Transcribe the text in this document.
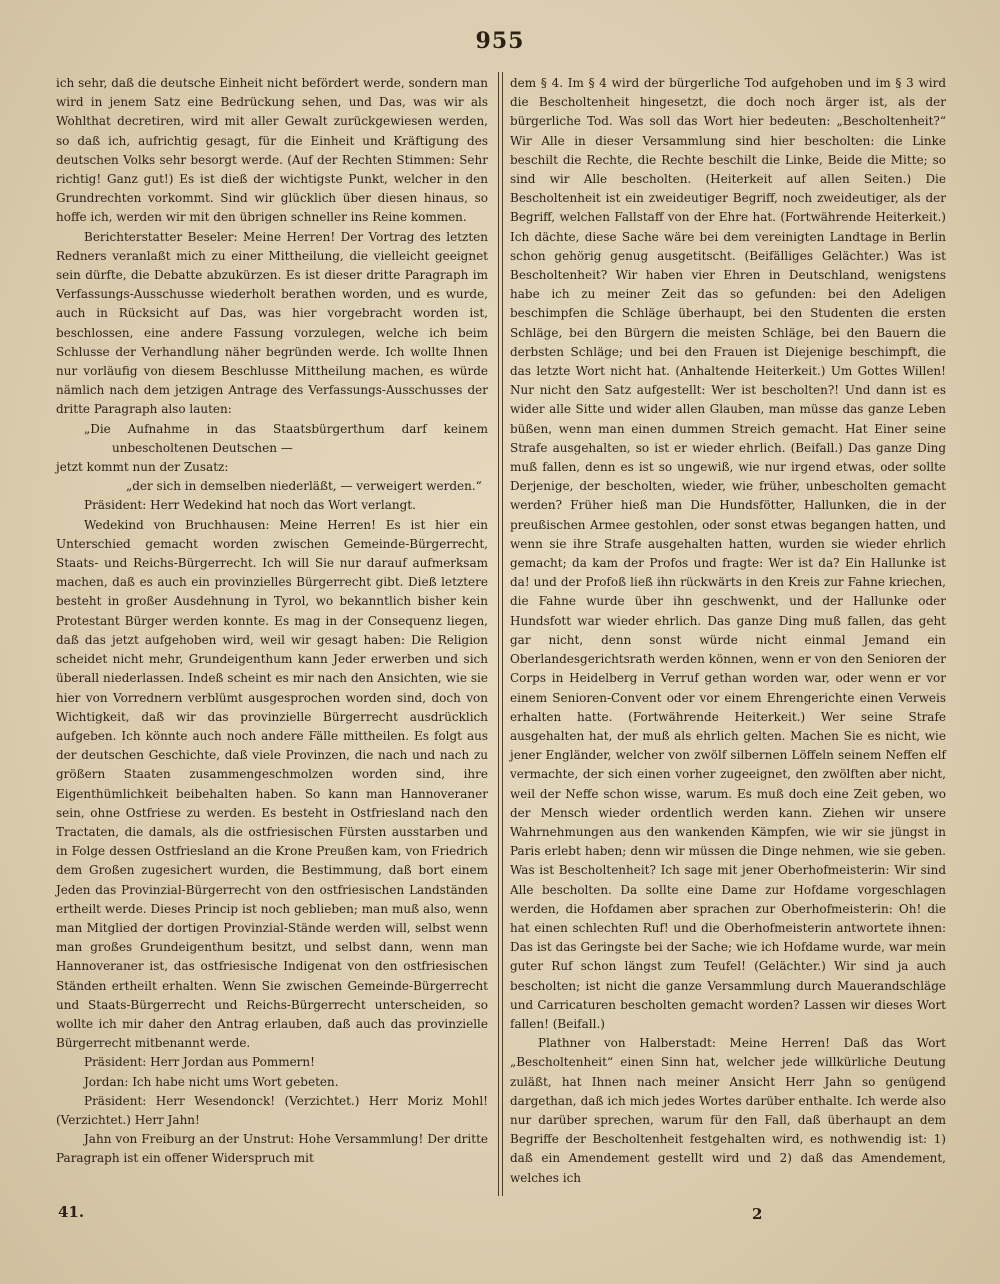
955

ich sehr, daß die deutsche Einheit nicht befördert werde, sondern man wird in jenem Satz eine Bedrückung sehen, und Das, was wir als Wohlthat decretiren, wird mit aller Gewalt zurückgewiesen werden, so daß ich, aufrichtig gesagt, für die Einheit und Kräftigung des deutschen Volks sehr besorgt werde. (Auf der Rechten Stimmen: Sehr richtig! Ganz gut!) Es ist dieß der wichtigste Punkt, welcher in den Grundrechten vorkommt. Sind wir glücklich über diesen hinaus, so hoffe ich, werden wir mit den übrigen schneller ins Reine kommen.

Berichterstatter Beseler: Meine Herren! Der Vortrag des letzten Redners veranlaßt mich zu einer Mittheilung, die vielleicht geeignet sein dürfte, die Debatte abzukürzen. Es ist dieser dritte Paragraph im Verfassungs-Ausschusse wiederholt berathen worden, und es wurde, auch in Rücksicht auf Das, was hier vorgebracht worden ist, beschlossen, eine andere Fassung vorzulegen, welche ich beim Schlusse der Verhandlung näher begründen werde. Ich wollte Ihnen nur vorläufig von diesem Beschlusse Mittheilung machen, es würde nämlich nach dem jetzigen Antrage des Verfassungs-Ausschusses der dritte Paragraph also lauten:

„Die Aufnahme in das Staatsbürgerthum darf keinem unbescholtenen Deutschen —

jetzt kommt nun der Zusatz:

„der sich in demselben niederläßt, — verweigert werden.“

Präsident: Herr Wedekind hat noch das Wort verlangt.

Wedekind von Bruchhausen: Meine Herren! Es ist hier ein Unterschied gemacht worden zwischen Gemeinde-Bürgerrecht, Staats- und Reichs-Bürgerrecht. Ich will Sie nur darauf aufmerksam machen, daß es auch ein provinzielles Bürgerrecht gibt. Dieß letztere besteht in großer Ausdehnung in Tyrol, wo bekanntlich bisher kein Protestant Bürger werden konnte. Es mag in der Consequenz liegen, daß das jetzt aufgehoben wird, weil wir gesagt haben: Die Religion scheidet nicht mehr, Grundeigenthum kann Jeder erwerben und sich überall niederlassen. Indeß scheint es mir nach den Ansichten, wie sie hier von Vorrednern verblümt ausgesprochen worden sind, doch von Wichtigkeit, daß wir das provinzielle Bürgerrecht ausdrücklich aufgeben. Ich könnte auch noch andere Fälle mittheilen. Es folgt aus der deutschen Geschichte, daß viele Provinzen, die nach und nach zu größern Staaten zusammengeschmolzen worden sind, ihre Eigenthümlichkeit beibehalten haben. So kann man Hannoveraner sein, ohne Ostfriese zu werden. Es besteht in Ostfriesland nach den Tractaten, die damals, als die ostfriesischen Fürsten ausstarben und in Folge dessen Ostfriesland an die Krone Preußen kam, von Friedrich dem Großen zugesichert wurden, die Bestimmung, daß bort einem Jeden das Provinzial-Bürgerrecht von den ostfriesischen Landständen ertheilt werde. Dieses Princip ist noch geblieben; man muß also, wenn man Mitglied der dortigen Provinzial-Stände werden will, selbst wenn man großes Grundeigenthum besitzt, und selbst dann, wenn man Hannoveraner ist, das ostfriesische Indigenat von den ostfriesischen Ständen ertheilt erhalten. Wenn Sie zwischen Gemeinde-Bürgerrecht und Staats-Bürgerrecht und Reichs-Bürgerrecht unterscheiden, so wollte ich mir daher den Antrag erlauben, daß auch das provinzielle Bürgerrecht mitbenannt werde.

Präsident: Herr Jordan aus Pommern!

Jordan: Ich habe nicht ums Wort gebeten.

Präsident: Herr Wesendonck! (Verzichtet.) Herr Moriz Mohl! (Verzichtet.) Herr Jahn!

Jahn von Freiburg an der Unstrut: Hohe Versammlung! Der dritte Paragraph ist ein offener Widerspruch mit

dem § 4. Im § 4 wird der bürgerliche Tod aufgehoben und im § 3 wird die Bescholtenheit hingesetzt, die doch noch ärger ist, als der bürgerliche Tod. Was soll das Wort hier bedeuten: „Bescholtenheit?“ Wir Alle in dieser Versammlung sind hier bescholten: die Linke beschilt die Rechte, die Rechte beschilt die Linke, Beide die Mitte; so sind wir Alle bescholten. (Heiterkeit auf allen Seiten.) Die Bescholtenheit ist ein zweideutiger Begriff, noch zweideutiger, als der Begriff, welchen Fallstaff von der Ehre hat. (Fortwährende Heiterkeit.) Ich dächte, diese Sache wäre bei dem vereinigten Landtage in Berlin schon gehörig genug ausgetitscht. (Beifälliges Gelächter.) Was ist Bescholtenheit? Wir haben vier Ehren in Deutschland, wenigstens habe ich zu meiner Zeit das so gefunden: bei den Adeligen beschimpfen die Schläge überhaupt, bei den Studenten die ersten Schläge, bei den Bürgern die meisten Schläge, bei den Bauern die derbsten Schläge; und bei den Frauen ist Diejenige beschimpft, die das letzte Wort nicht hat. (Anhaltende Heiterkeit.) Um Gottes Willen! Nur nicht den Satz aufgestellt: Wer ist bescholten?! Und dann ist es wider alle Sitte und wider allen Glauben, man müsse das ganze Leben büßen, wenn man einen dummen Streich gemacht. Hat Einer seine Strafe ausgehalten, so ist er wieder ehrlich. (Beifall.) Das ganze Ding muß fallen, denn es ist so ungewiß, wie nur irgend etwas, oder sollte Derjenige, der bescholten, wieder, wie früher, unbescholten gemacht werden? Früher hieß man Die Hundsfötter, Hallunken, die in der preußischen Armee gestohlen, oder sonst etwas begangen hatten, und wenn sie ihre Strafe ausgehalten hatten, wurden sie wieder ehrlich gemacht; da kam der Profos und fragte: Wer ist da? Ein Hallunke ist da! und der Profoß ließ ihn rückwärts in den Kreis zur Fahne kriechen, die Fahne wurde über ihn geschwenkt, und der Hallunke oder Hundsfott war wieder ehrlich. Das ganze Ding muß fallen, das geht gar nicht, denn sonst würde nicht einmal Jemand ein Oberlandesgerichtsrath werden können, wenn er von den Senioren der Corps in Heidelberg in Verruf gethan worden war, oder wenn er vor einem Senioren-Convent oder vor einem Ehrengerichte einen Verweis erhalten hatte. (Fortwährende Heiterkeit.) Wer seine Strafe ausgehalten hat, der muß als ehrlich gelten. Machen Sie es nicht, wie jener Engländer, welcher von zwölf silbernen Löffeln seinem Neffen elf vermachte, der sich einen vorher zugeeignet, den zwölften aber nicht, weil der Neffe schon wisse, warum. Es muß doch eine Zeit geben, wo der Mensch wieder ordentlich werden kann. Ziehen wir unsere Wahrnehmungen aus den wankenden Kämpfen, wie wir sie jüngst in Paris erlebt haben; denn wir müssen die Dinge nehmen, wie sie geben. Was ist Bescholtenheit? Ich sage mit jener Oberhofmeisterin: Wir sind Alle bescholten. Da sollte eine Dame zur Hofdame vorgeschlagen werden, die Hofdamen aber sprachen zur Oberhofmeisterin: Oh! die hat einen schlechten Ruf! und die Oberhofmeisterin antwortete ihnen: Das ist das Geringste bei der Sache; wie ich Hofdame wurde, war mein guter Ruf schon längst zum Teufel! (Gelächter.) Wir sind ja auch bescholten; ist nicht die ganze Versammlung durch Mauerandschläge und Carricaturen bescholten gemacht worden? Lassen wir dieses Wort fallen! (Beifall.)

Plathner von Halberstadt: Meine Herren! Daß das Wort „Bescholtenheit“ einen Sinn hat, welcher jede willkürliche Deutung zuläßt, hat Ihnen nach meiner Ansicht Herr Jahn so genügend dargethan, daß ich mich jedes Wortes darüber enthalte. Ich werde also nur darüber sprechen, warum für den Fall, daß überhaupt an dem Begriffe der Bescholtenheit festgehalten wird, es nothwendig ist: 1) daß ein Amendement gestellt wird und 2) daß das Amendement, welches ich

41.	2
